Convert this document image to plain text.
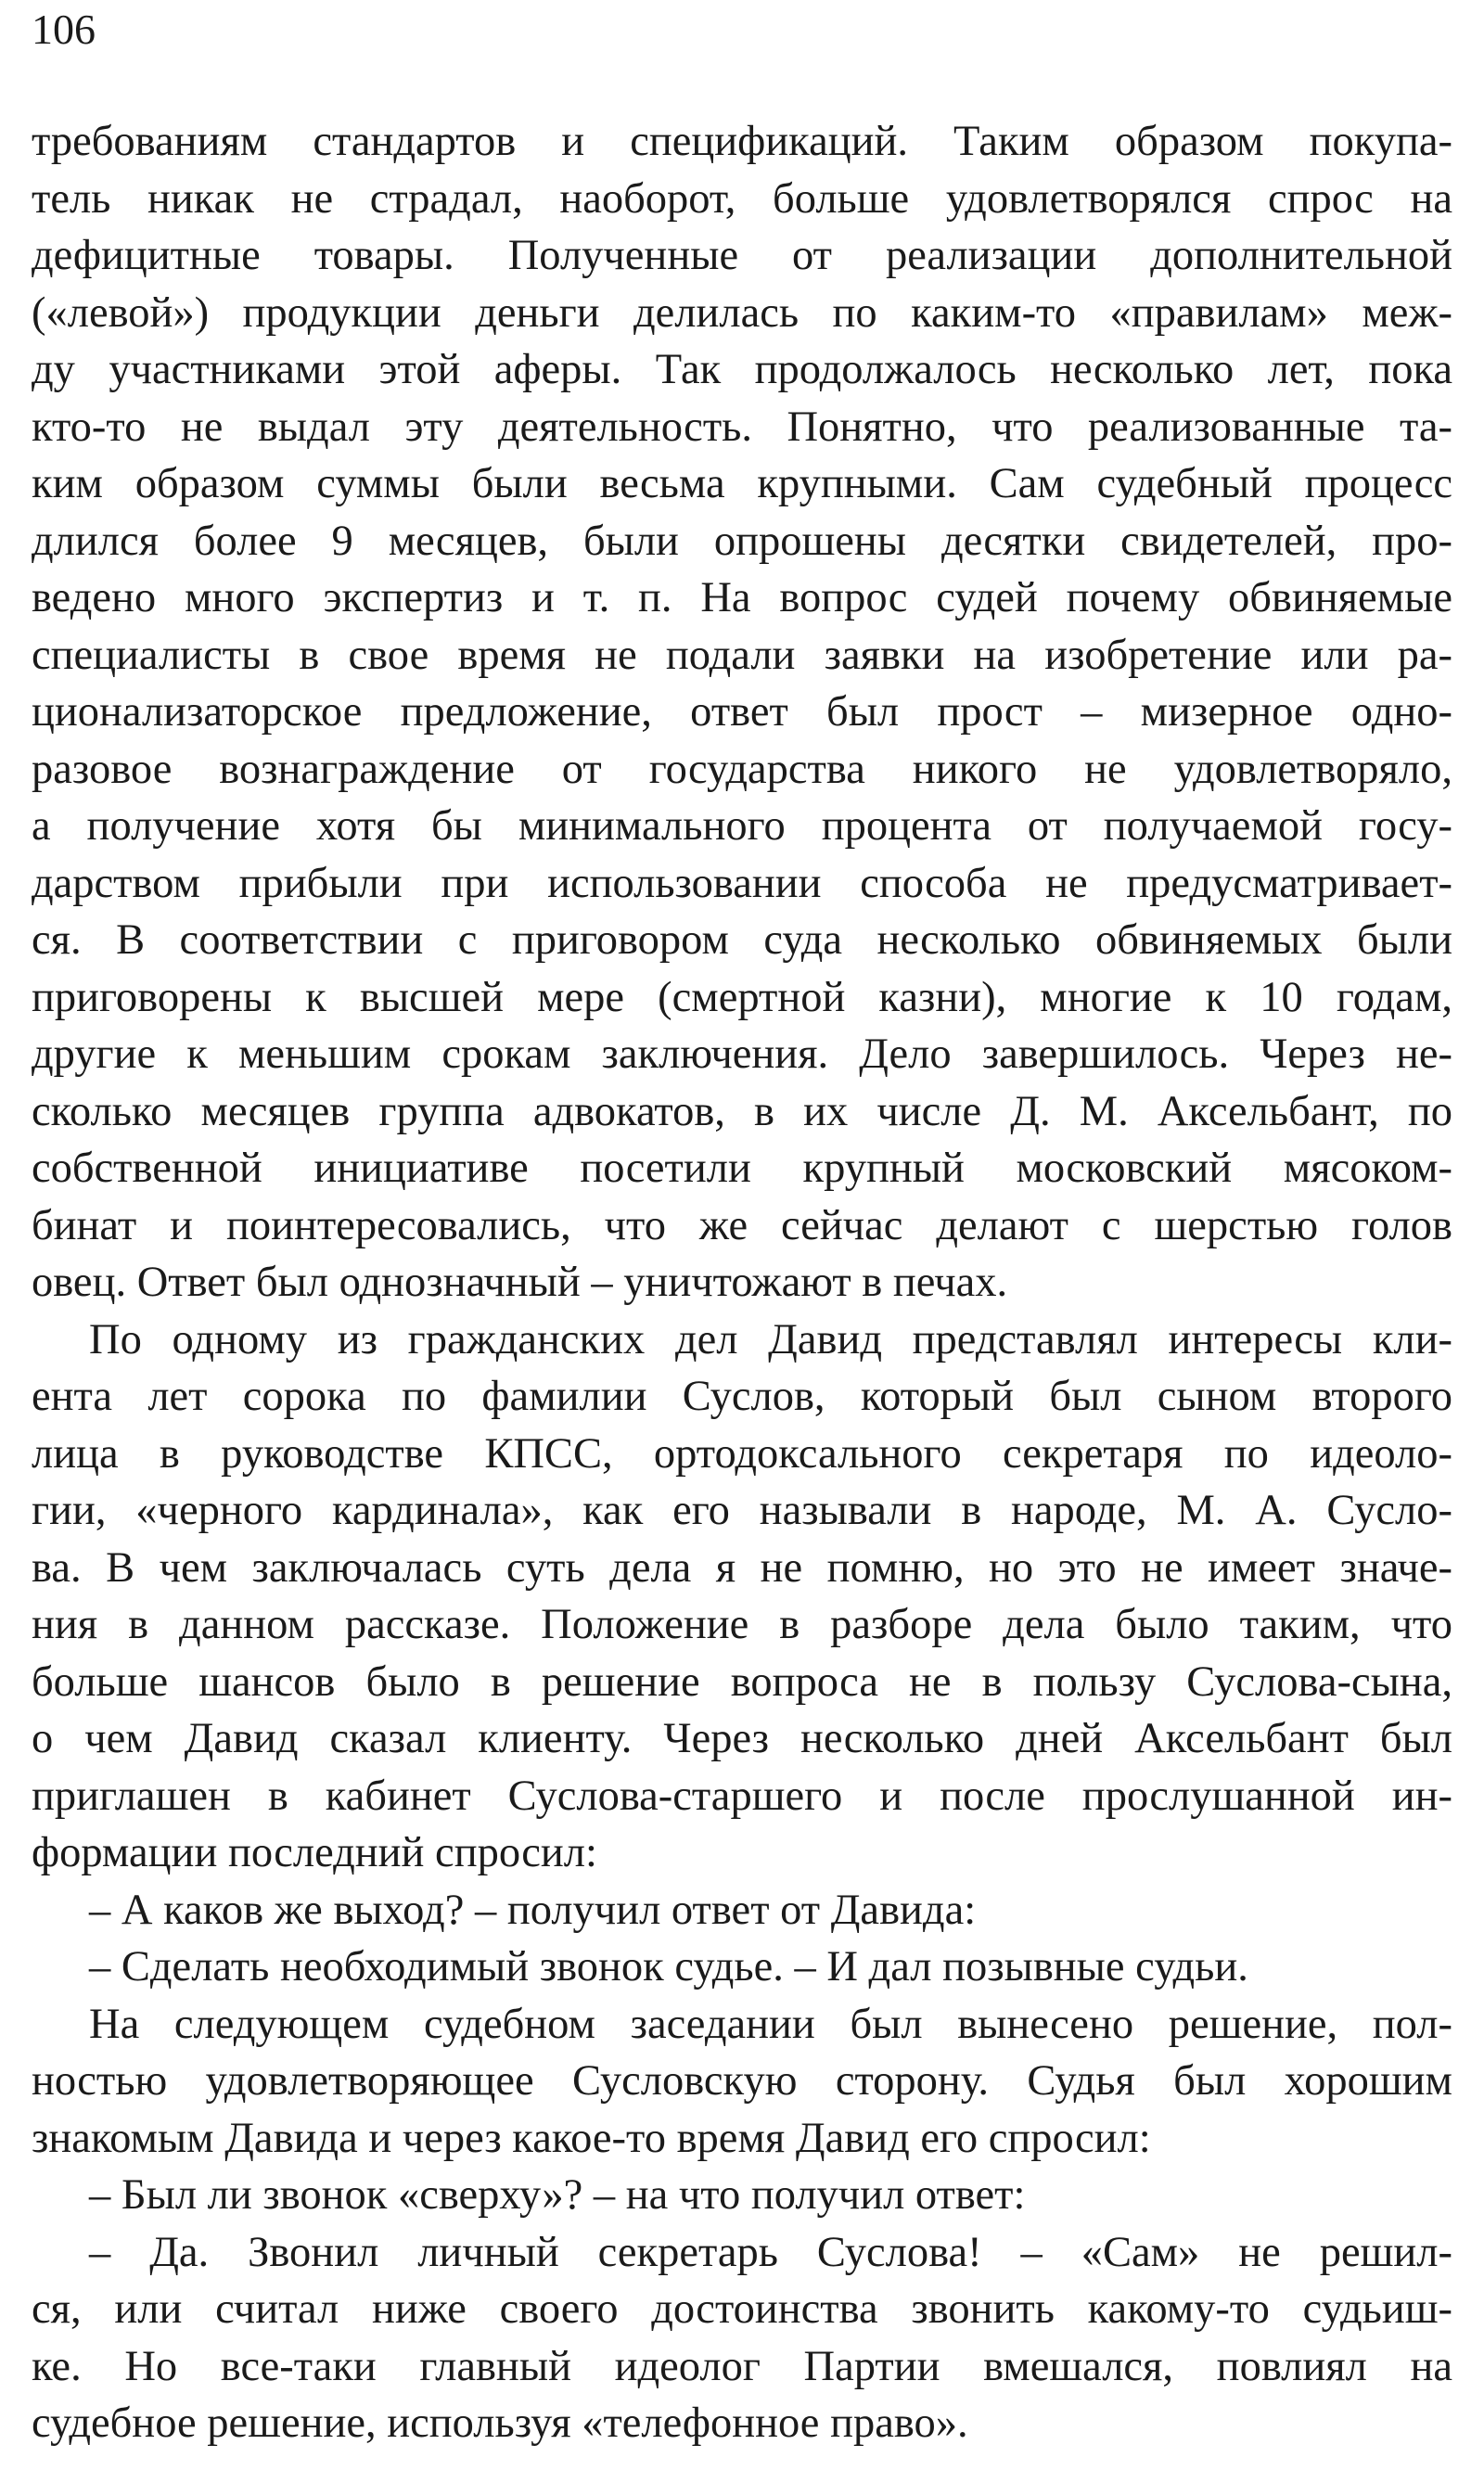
106
требованиям стандартов и спецификаций. Таким образом покупа-
тель никак не страдал, наоборот, больше удовлетворялся спрос на
дефицитные товары. Полученные от реализации дополнительной
(«левой») продукции деньги делилась по каким-то «правилам» меж-
ду участниками этой аферы. Так продолжалось несколько лет, пока
кто-то не выдал эту деятельность. Понятно, что реализованные та-
ким образом суммы были весьма крупными. Сам судебный процесс
длился более 9 месяцев, были опрошены десятки свидетелей, про-
ведено много экспертиз и т. п. На вопрос судей почему обвиняемые
специалисты в свое время не подали заявки на изобретение или ра-
ционализаторское предложение, ответ был прост – мизерное одно-
разовое вознаграждение от государства никого не удовлетворяло,
а получение хотя бы минимального процента от получаемой госу-
дарством прибыли при использовании способа не предусматривает-
ся. В соответствии с приговором суда несколько обвиняемых были
приговорены к высшей мере (смертной казни), многие к 10 годам,
другие к меньшим срокам заключения. Дело завершилось. Через не-
сколько месяцев группа адвокатов, в их числе Д. М. Аксельбант, по
собственной инициативе посетили крупный московский мясоком-
бинат и поинтересовались, что же сейчас делают с шерстью голов
овец. Ответ был однозначный – уничтожают в печах.
По одному из гражданских дел Давид представлял интересы кли-
ента лет сорока по фамилии Суслов, который был сыном второго
лица в руководстве КПСС, ортодоксального секретаря по идеоло-
гии, «черного кардинала», как его называли в народе, М. А. Сусло-
ва. В чем заключалась суть дела я не помню, но это не имеет значе-
ния в данном рассказе. Положение в разборе дела было таким, что
больше шансов было в решение вопроса не в пользу Суслова-сына,
о чем Давид сказал клиенту. Через несколько дней Аксельбант был
приглашен в кабинет Суслова-старшего и после прослушанной ин-
формации последний спросил:
– А каков же выход? – получил ответ от Давида:
– Сделать необходимый звонок судье. – И дал позывные судьи.
На следующем судебном заседании был вынесено решение, пол-
ностью удовлетворяющее Сусловскую сторону. Судья был хорошим
знакомым Давида и через какое-то время Давид его спросил:
– Был ли звонок «сверху»? – на что получил ответ:
– Да. Звонил личный секретарь Суслова! – «Сам» не решил-
ся, или считал ниже своего достоинства звонить какому-то судьиш-
ке. Но все-таки главный идеолог Партии вмешался, повлиял на
судебное решение, используя «телефонное право».
